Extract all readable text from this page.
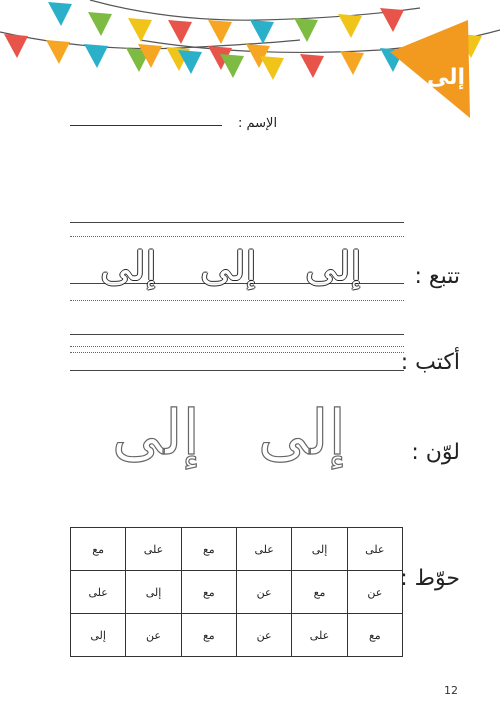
إلى
الإسم :
إلى إلى إلى	تتبع :
أكتب :
إلى إلى	لوّن :
مع	على	مع	على	إلى	على
على	إلى	مع	عن	مع	عن
إلى	عن	مع	عن	على	مع
حوّط :
12
